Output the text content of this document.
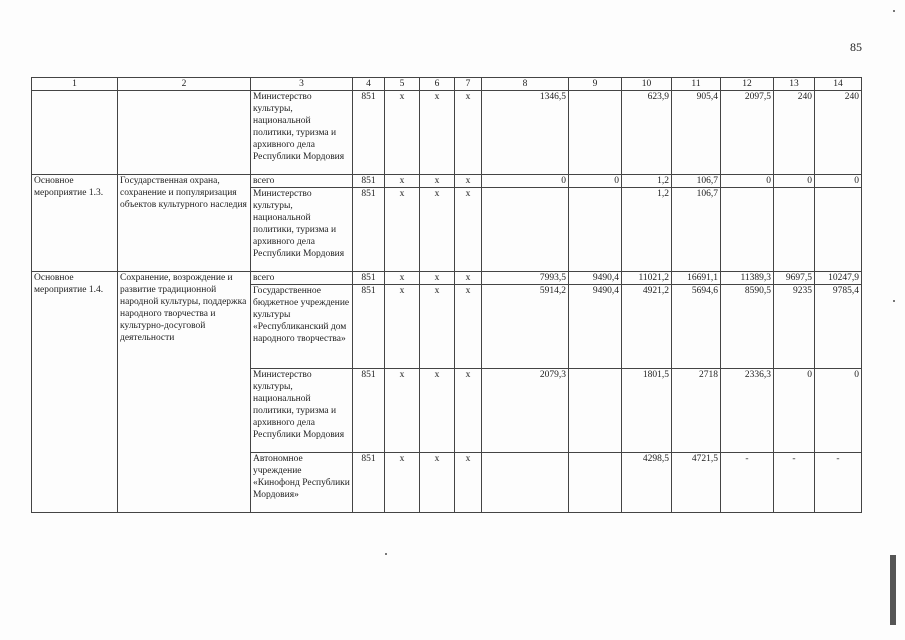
85
1	2	3	4	5	6	7	8	9	10	11	12	13	14
		Министерство культуры, национальной политики, туризма и архивного дела Республики Мордовия	851	х	х	х	1346,5		623,9	905,4	2097,5	240	240
Основное мероприятие 1.3.	Государственная охрана, сохранение и популяризация объектов культурного наследия	всего	851	х	х	х	0	0	1,2	106,7	0	0	0
		Министерство культуры, национальной политики, туризма и архивного дела Республики Мордовия	851	х	х	х			1,2	106,7			
Основное мероприятие 1.4.	Сохранение, возрождение и развитие традиционной народной культуры, поддержка народного творчества и культурно-досуговой деятельности	всего	851	х	х	х	7993,5	9490,4	11021,2	16691,1	11389,3	9697,5	10247,9
		Государственное бюджетное учреждение культуры «Республиканский дом народного творчества»	851	х	х	х	5914,2	9490,4	4921,2	5694,6	8590,5	9235	9785,4
		Министерство культуры, национальной политики, туризма и архивного дела Республики Мордовия	851	х	х	х	2079,3		1801,5	2718	2336,3	0	0
		Автономное учреждение «Кинофонд Республики Мордовия»	851	х	х	х			4298,5	4721,5	-	-	-
